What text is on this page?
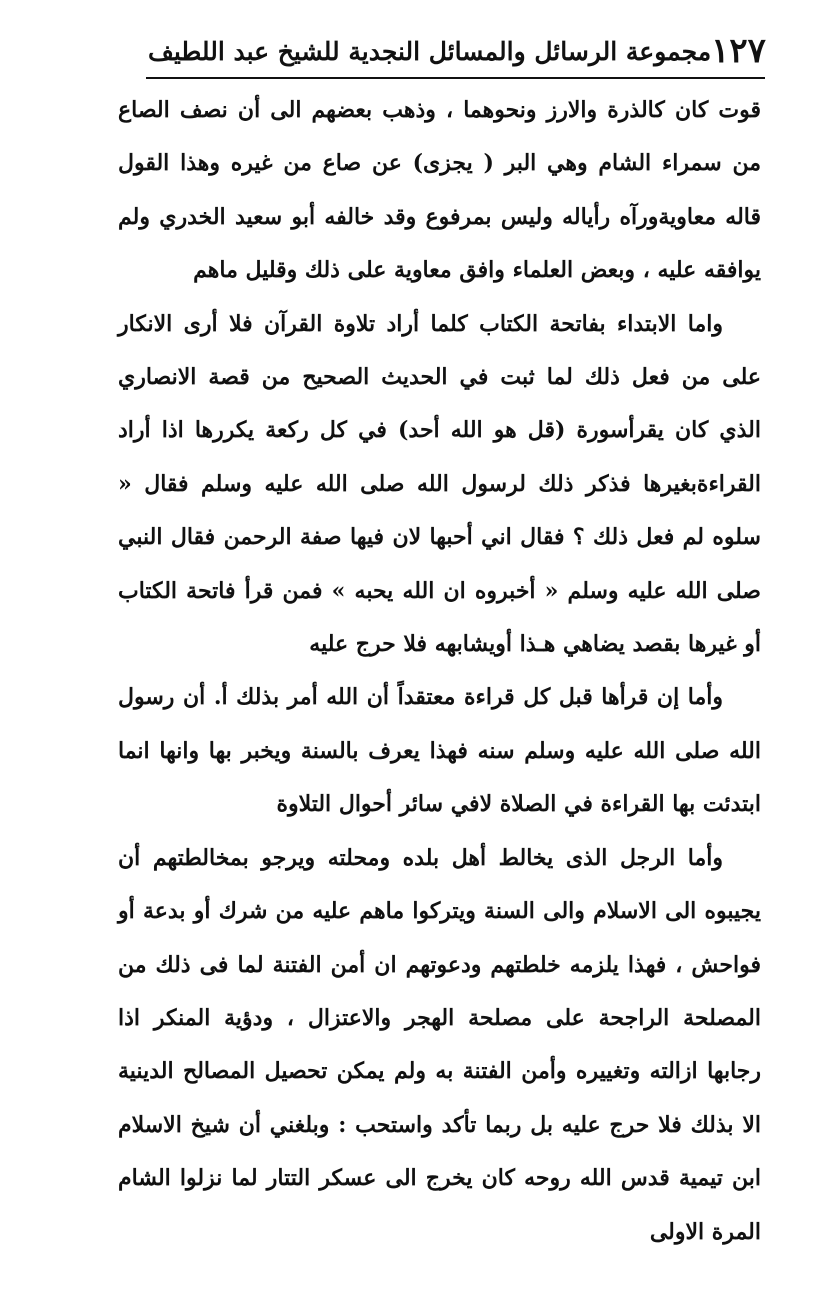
مجموعة الرسائل والمسائل النجدية للشيخ عبد اللطيف ١٢٧

قوت كان كالذرة والارز ونحوهما ، وذهب بعضهم الى أن نصف الصاع من سمراء الشام وهي البر ( يجزى) عن صاع من غيره وهذا القول قاله معاويةورآه رأياله وليس بمرفوع وقد خالفه أبو سعيد الخدري ولم يوافقه عليه ، وبعض العلماء وافق معاوية على ذلك وقليل ماهم

واما الابتداء بفاتحة الكتاب كلما أراد تلاوة القرآن فلا أرى الانكار على من فعل ذلك لما ثبت في الحديث الصحيح من قصة الانصاري الذي كان يقرأسورة (قل هو الله أحد) في كل ركعة يكررها اذا أراد القراءةبغيرها فذكر ذلك لرسول الله صلى الله عليه وسلم فقال « سلوه لم فعل ذلك ؟ فقال اني أحبها لان فيها صفة الرحمن فقال النبي صلى الله عليه وسلم « أخبروه ان الله يحبه » فمن قرأ فاتحة الكتاب أو غيرها بقصد يضاهي هـذا أويشابهه فلا حرج عليه

وأما إن قرأها قبل كل قراءة معتقداً أن الله أمر بذلك أ. أن رسول الله صلى الله عليه وسلم سنه فهذا يعرف بالسنة ويخبر بها وانها انما ابتدئت بها القراءة في الصلاة لافي سائر أحوال التلاوة

وأما الرجل الذى يخالط أهل بلده ومحلته ويرجو بمخالطتهم أن يجيبوه الى الاسلام والى السنة ويتركوا ماهم عليه من شرك أو بدعة أو فواحش ، فهذا يلزمه خلطتهم ودعوتهم ان أمن الفتنة لما فى ذلك من المصلحة الراجحة على مصلحة الهجر والاعتزال ، ودؤية المنكر اذا رجابها ازالته وتغييره وأمن الفتنة به ولم يمكن تحصيل المصالح الدينية الا بذلك فلا حرج عليه بل ربما تأكد واستحب : وبلغني أن شيخ الاسلام ابن تيمية قدس الله روحه كان يخرج الى عسكر التتار لما نزلوا الشام المرة الاولى
